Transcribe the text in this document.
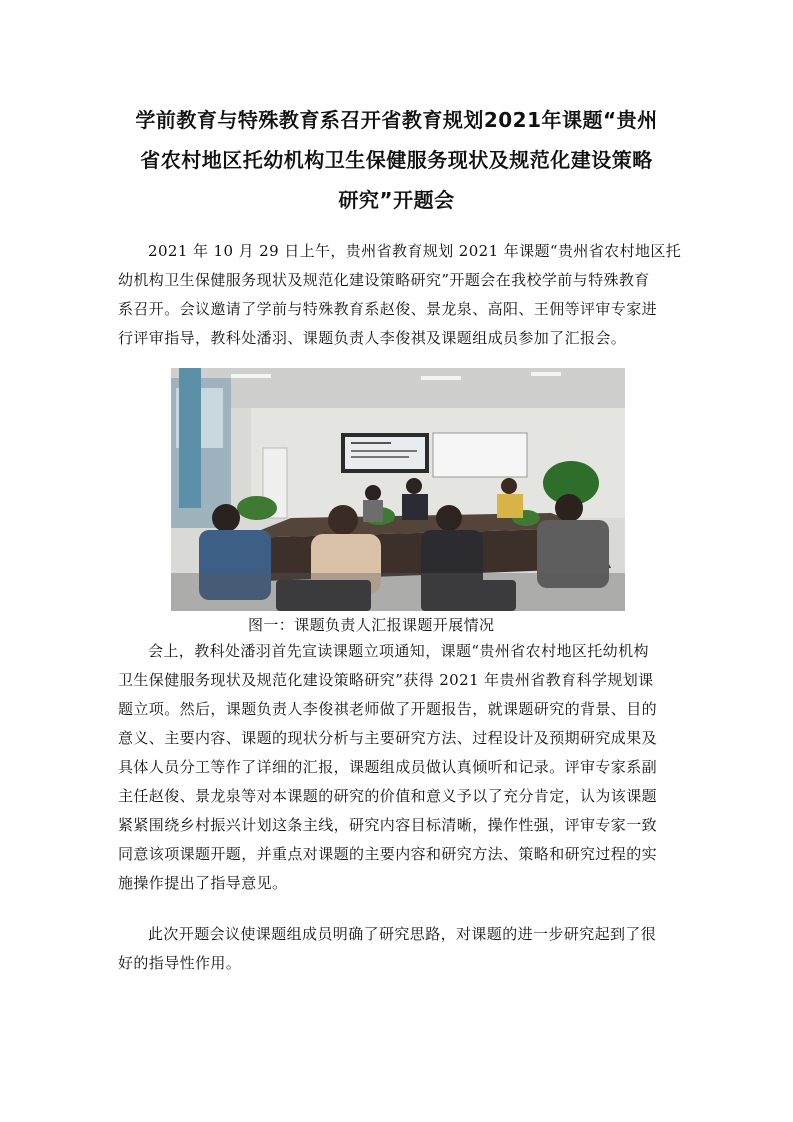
学前教育与特殊教育系召开省教育规划2021年课题“贵州
省农村地区托幼机构卫生保健服务现状及规范化建设策略
研究”开题会

2021 年 10 月 29 日上午，贵州省教育规划 2021 年课题“贵州省农村地区托
幼机构卫生保健服务现状及规范化建设策略研究”开题会在我校学前与特殊教育
系召开。会议邀请了学前与特殊教育系赵俊、景龙泉、高阳、王佣等评审专家进
行评审指导，教科处潘羽、课题负责人李俊祺及课题组成员参加了汇报会。

图一：课题负责人汇报课题开展情况

会上，教科处潘羽首先宣读课题立项通知，课题“贵州省农村地区托幼机构
卫生保健服务现状及规范化建设策略研究”获得 2021 年贵州省教育科学规划课
题立项。然后，课题负责人李俊祺老师做了开题报告，就课题研究的背景、目的
意义、主要内容、课题的现状分析与主要研究方法、过程设计及预期研究成果及
具体人员分工等作了详细的汇报，课题组成员做认真倾听和记录。评审专家系副
主任赵俊、景龙泉等对本课题的研究的价值和意义予以了充分肯定，认为该课题
紧紧围绕乡村振兴计划这条主线，研究内容目标清晰，操作性强，评审专家一致
同意该项课题开题，并重点对课题的主要内容和研究方法、策略和研究过程的实
施操作提出了指导意见。

此次开题会议使课题组成员明确了研究思路，对课题的进一步研究起到了很
好的指导性作用。
